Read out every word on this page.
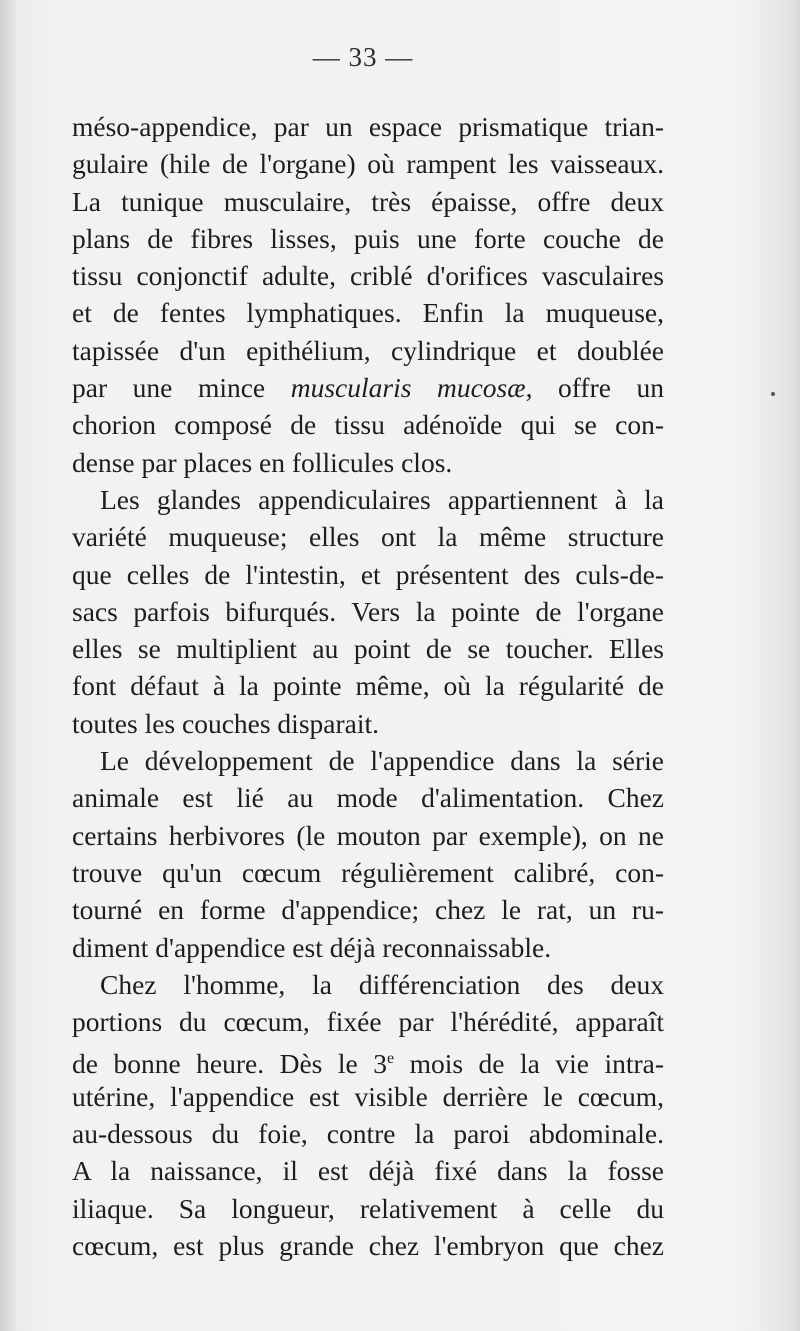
— 33 —
méso-appendice, par un espace prismatique trian-
gulaire (hile de l'organe) où rampent les vaisseaux.
La tunique musculaire, très épaisse, offre deux
plans de fibres lisses, puis une forte couche de
tissu conjonctif adulte, criblé d'orifices vasculaires
et de fentes lymphatiques. Enfin la muqueuse,
tapissée d'un epithélium, cylindrique et doublée
par une mince muscularis mucosæ, offre un
chorion composé de tissu adénoïde qui se con-
dense par places en follicules clos.
Les glandes appendiculaires appartiennent à la
variété muqueuse; elles ont la même structure
que celles de l'intestin, et présentent des culs-de-
sacs parfois bifurqués. Vers la pointe de l'organe
elles se multiplient au point de se toucher. Elles
font défaut à la pointe même, où la régularité de
toutes les couches disparait.
Le développement de l'appendice dans la série
animale est lié au mode d'alimentation. Chez
certains herbivores (le mouton par exemple), on ne
trouve qu'un cœcum régulièrement calibré, con-
tourné en forme d'appendice; chez le rat, un ru-
diment d'appendice est déjà reconnaissable.
Chez l'homme, la différenciation des deux
portions du cœcum, fixée par l'hérédité, apparaît
de bonne heure. Dès le 3e mois de la vie intra-
utérine, l'appendice est visible derrière le cœcum,
au-dessous du foie, contre la paroi abdominale.
A la naissance, il est déjà fixé dans la fosse
iliaque. Sa longueur, relativement à celle du
cœcum, est plus grande chez l'embryon que chez
